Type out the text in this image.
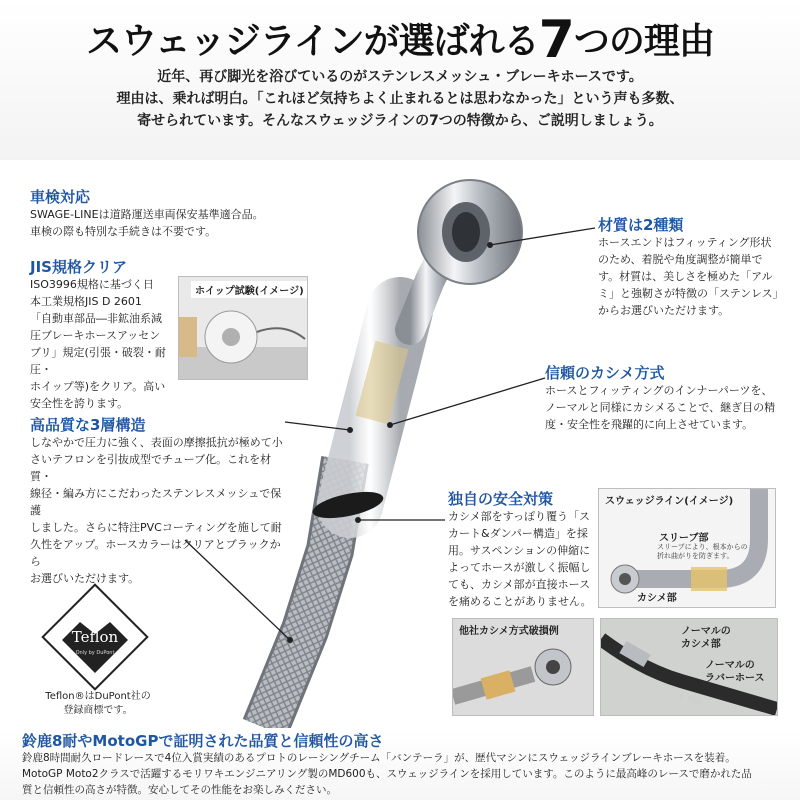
スウェッジラインが選ばれる7つの理由
近年、再び脚光を浴びているのがステンレスメッシュ・ブレーキホースです。
理由は、乗れば明白。「これほど気持ちよく止まれるとは思わなかった」という声も多数、
寄せられています。そんなスウェッジラインの7つの特徴から、ご説明しましょう。
車検対応
SWAGE-LINEは道路運送車両保安基準適合品。
車検の際も特別な手続きは不要です。
JIS規格クリア
ISO3996規格に基づく日
本工業規格JIS D 2601
「自動車部品―非鉱油系減
圧ブレーキホースアッセン
ブリ」規定(引張・破裂・耐圧・
ホイップ等)をクリア。高い
安全性を誇ります。
ホイップ試験(イメージ)
材質は2種類
ホースエンドはフィッティング形状
のため、着脱や角度調整が簡単で
す。材質は、美しさを極めた「アル
ミ」と強靭さが特徴の「ステンレス」
からお選びいただけます。
信頼のカシメ方式
ホースとフィッティングのインナーパーツを、
ノーマルと同様にカシメることで、継ぎ目の精
度・安全性を飛躍的に向上させています。
高品質な3層構造
しなやかで圧力に強く、表面の摩擦抵抗が極めて小
さいテフロンを引抜成型でチューブ化。これを材質・
線径・編み方にこだわったステンレスメッシュで保護
しました。さらに特注PVCコーティングを施して耐
久性をアップ。ホースカラーはクリアとブラックから
お選びいただけます。
独自の安全対策
カシメ部をすっぽり覆う「ス
カート&ダンパー構造」を採
用。サスペンションの伸縮に
よってホースが激しく振幅し
ても、カシメ部が直接ホース
を痛めることがありません。
スウェッジライン(イメージ)
スリーブ部
スリーブにより、根本からの
折れ曲がりを防ぎます。
カシメ部
他社カシメ方式破損例	ノーマルの
カシメ部
ノーマルの
ラバーホース
F 703
Teflon
Only by DuPont
Teflon®はDuPont社の
登録商標です。
鈴鹿8耐やMotoGPで証明された品質と信頼性の高さ
鈴鹿8時間耐久ロードレースで4位入賞実績のあるプロトのレーシングチーム「バンテーラ」が、歴代マシンにスウェッジラインブレーキホースを装着。
MotoGP Moto2クラスで活躍するモリワキエンジニアリング製のMD600も、スウェッジラインを採用しています。このように最高峰のレースで磨かれた品
質と信頼性の高さが特徴。安心してその性能をお楽しみください。
